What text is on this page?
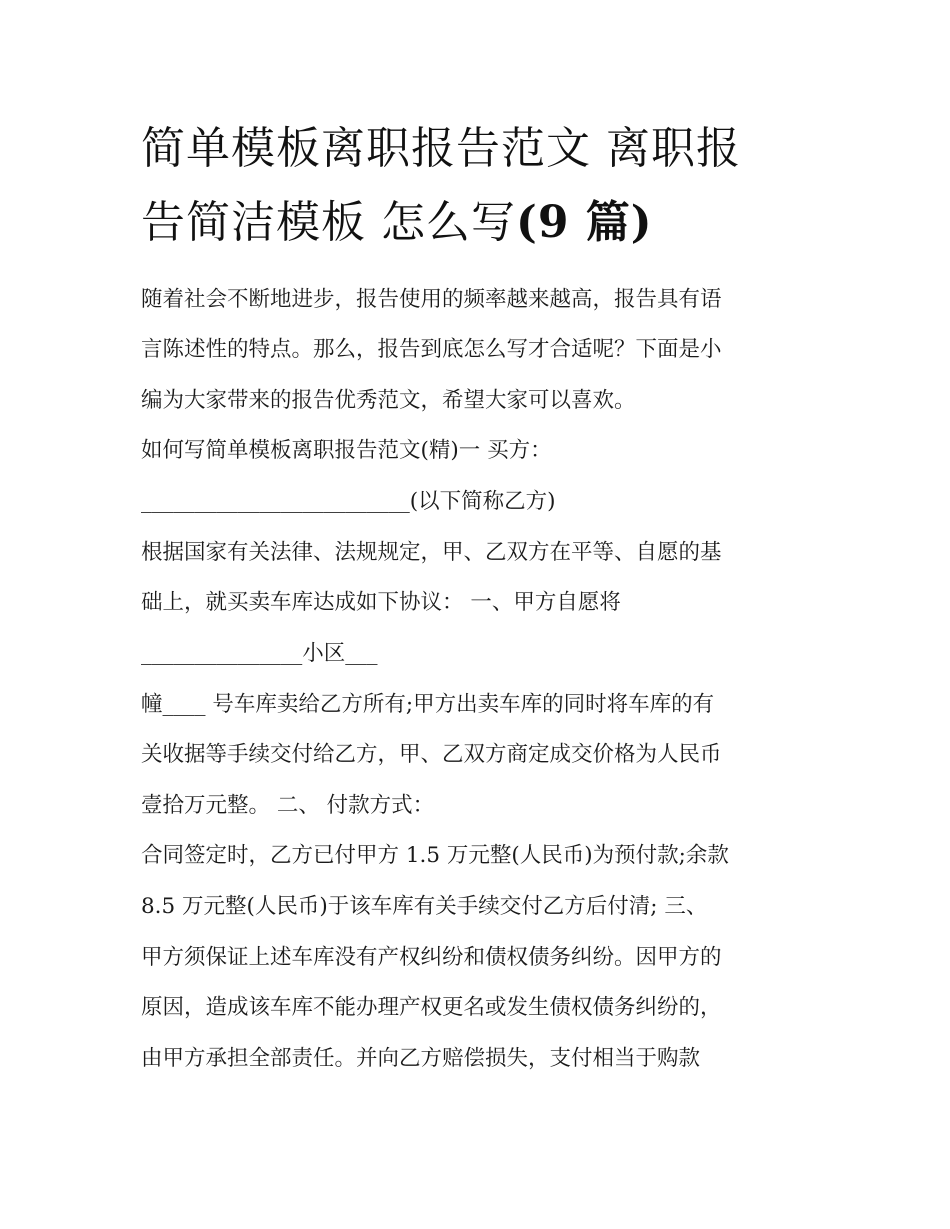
简单模板离职报告范文 离职报
告简洁模板 怎么写(9 篇)

随着社会不断地进步，报告使用的频率越来越高，报告具有语

言陈述性的特点。那么，报告到底怎么写才合适呢？下面是小

编为大家带来的报告优秀范文，希望大家可以喜欢。

如何写简单模板离职报告范文(精)一 买方：

_________________________(以下简称乙方)

根据国家有关法律、法规规定，甲、乙双方在平等、自愿的基

础上，就买卖车库达成如下协议： 一、甲方自愿将

_______________小区___

幢____ 号车库卖给乙方所有;甲方出卖车库的同时将车库的有

关收据等手续交付给乙方，甲、乙双方商定成交价格为人民币

壹拾万元整。 二、 付款方式：

合同签定时，乙方已付甲方 1.5 万元整(人民币)为预付款;余款

8.5 万元整(人民币)于该车库有关手续交付乙方后付清; 三、

甲方须保证上述车库没有产权纠纷和债权债务纠纷。因甲方的

原因，造成该车库不能办理产权更名或发生债权债务纠纷的，

由甲方承担全部责任。并向乙方赔偿损失，支付相当于购款
